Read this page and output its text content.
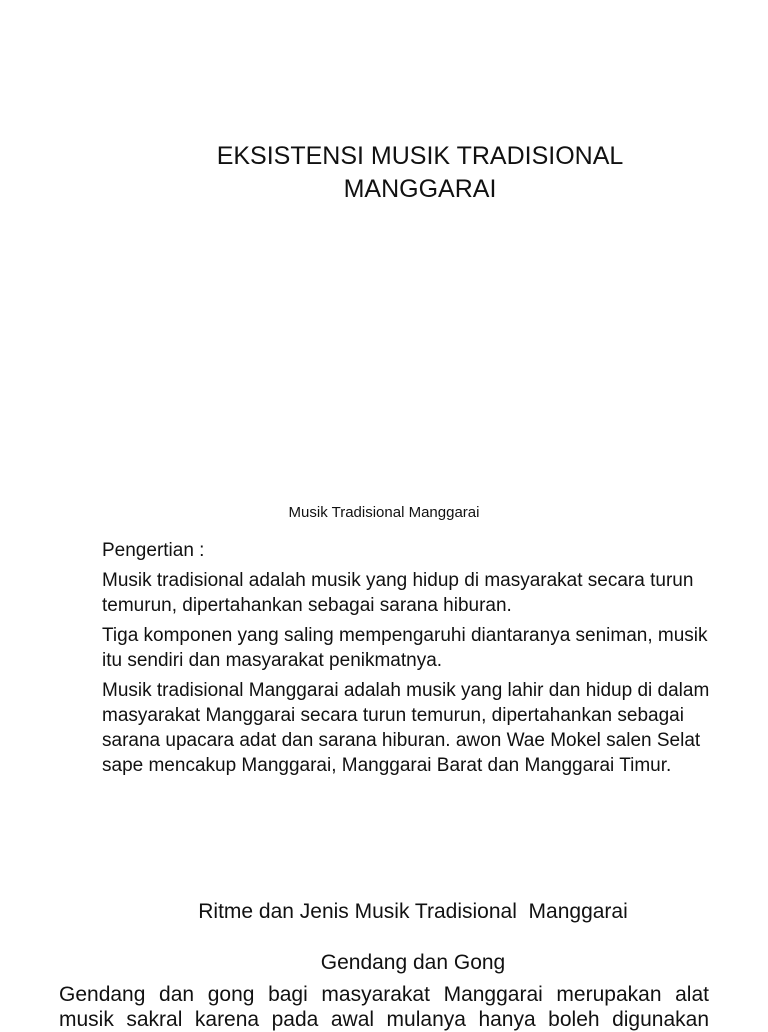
EKSISTENSI MUSIK TRADISIONAL
MANGGARAI

Musik Tradisional Manggarai

Pengertian :

Musik tradisional adalah musik yang hidup di masyarakat secara turun temurun, dipertahankan sebagai sarana hiburan.

Tiga komponen yang saling mempengaruhi diantaranya seniman, musik itu sendiri dan masyarakat penikmatnya.

Musik tradisional Manggarai adalah musik yang lahir dan hidup di dalam masyarakat Manggarai secara turun temurun, dipertahankan sebagai sarana upacara adat dan sarana hiburan. awon Wae Mokel salen Selat sape mencakup Manggarai, Manggarai Barat dan Manggarai Timur.

Ritme dan Jenis Musik Tradisional  Manggarai
Gendang dan Gong

Gendang dan gong bagi masyarakat Manggarai merupakan alat musik sakral karena pada awal mulanya hanya boleh digunakan
